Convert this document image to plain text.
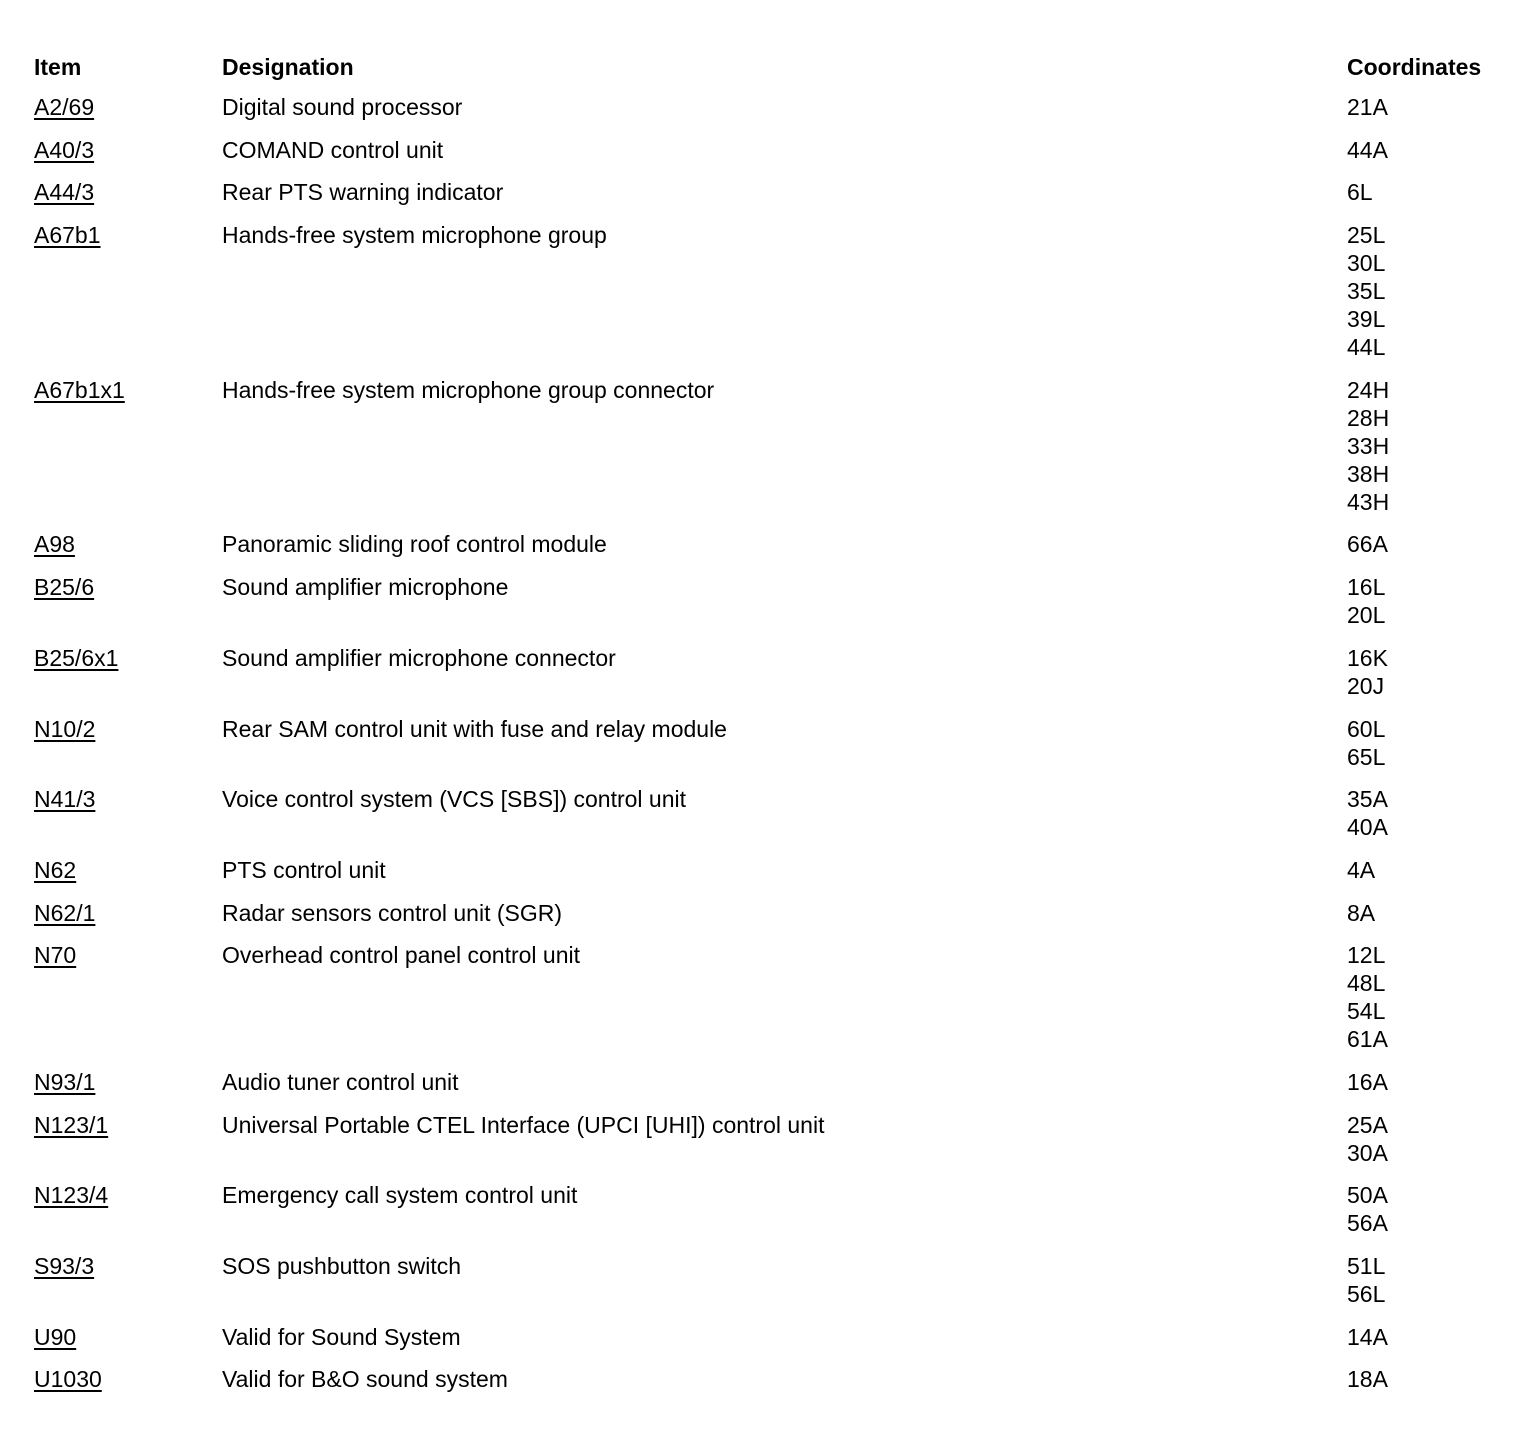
Item	Designation	Coordinates
A2/69	Digital sound processor	21A
A40/3	COMAND control unit	44A
A44/3	Rear PTS warning indicator	6L
A67b1	Hands-free system microphone group	25L
30L
35L
39L
44L
A67b1x1	Hands-free system microphone group connector	24H
28H
33H
38H
43H
A98	Panoramic sliding roof control module	66A
B25/6	Sound amplifier microphone	16L
20L
B25/6x1	Sound amplifier microphone connector	16K
20J
N10/2	Rear SAM control unit with fuse and relay module	60L
65L
N41/3	Voice control system (VCS [SBS]) control unit	35A
40A
N62	PTS control unit	4A
N62/1	Radar sensors control unit (SGR)	8A
N70	Overhead control panel control unit	12L
48L
54L
61A
N93/1	Audio tuner control unit	16A
N123/1	Universal Portable CTEL Interface (UPCI [UHI]) control unit	25A
30A
N123/4	Emergency call system control unit	50A
56A
S93/3	SOS pushbutton switch	51L
56L
U90	Valid for Sound System	14A
U1030	Valid for B&O sound system	18A
